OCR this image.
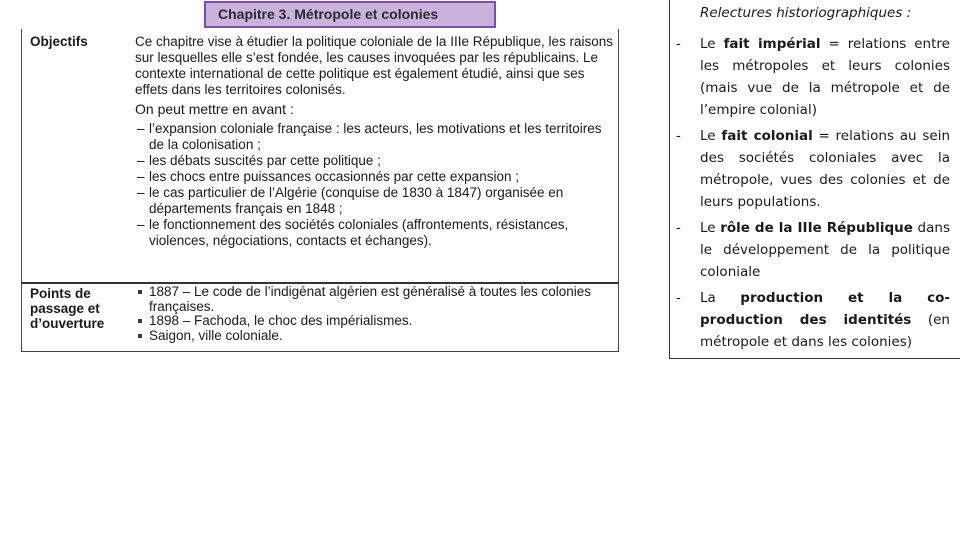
Chapitre 3. Métropole et colonies
Objectifs	Ce chapitre vise à étudier la politique coloniale de la IIIe République, les raisons sur lesquelles elle s’est fondée, les causes invoquées par les républicains. Le contexte international de cette politique est également étudié, ainsi que ses effets dans les territoires colonisés.

On peut mettre en avant :

– l’expansion coloniale française : les acteurs, les motivations et les territoires de la colonisation ;
– les débats suscités par cette politique ;
– les chocs entre puissances occasionnés par cette expansion ;
– le cas particulier de l’Algérie (conquise de 1830 à 1847) organisée en départements français en 1848 ;
– le fonctionnement des sociétés coloniales (affrontements, résistances, violences, négociations, contacts et échanges).
Points de passage et d’ouverture
1887 – Le code de l’indigénat algérien est généralisé à toutes les colonies françaises.
1898 – Fachoda, le choc des impérialismes.
Saigon, ville coloniale.
Relectures historiographiques :
- Le fait impérial = relations entre les métropoles et leurs colonies (mais vue de la métropole et de l’empire colonial)
- Le fait colonial = relations au sein des sociétés coloniales avec la métropole, vues des colonies et de leurs populations.
- Le rôle de la IIIe République dans le développement de la politique coloniale
- La production et la co-production des identités (en métropole et dans les colonies)
